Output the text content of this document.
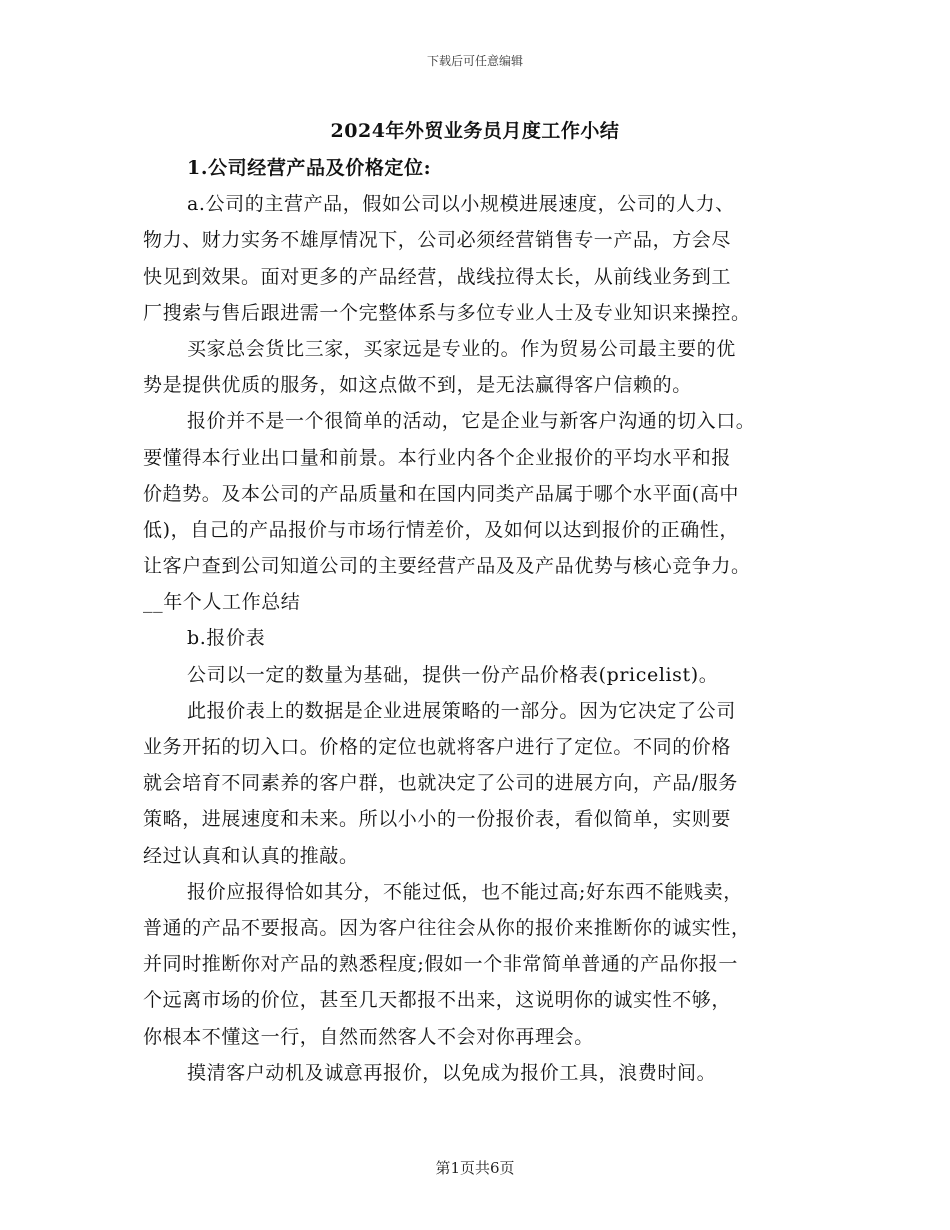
下载后可任意编辑
2024年外贸业务员月度工作小结
1.公司经营产品及价格定位:
a.公司的主营产品，假如公司以小规模进展速度，公司的人力、
物力、财力实务不雄厚情况下，公司必须经营销售专一产品，方会尽
快见到效果。面对更多的产品经营，战线拉得太长，从前线业务到工
厂搜索与售后跟进需一个完整体系与多位专业人士及专业知识来操控。
买家总会货比三家，买家远是专业的。作为贸易公司最主要的优
势是提供优质的服务，如这点做不到，是无法赢得客户信赖的。
报价并不是一个很简单的活动，它是企业与新客户沟通的切入口。
要懂得本行业出口量和前景。本行业内各个企业报价的平均水平和报
价趋势。及本公司的产品质量和在国内同类产品属于哪个水平面(高中
低)，自己的产品报价与市场行情差价，及如何以达到报价的正确性，
让客户查到公司知道公司的主要经营产品及及产品优势与核心竞争力。
__年个人工作总结
b.报价表
公司以一定的数量为基础，提供一份产品价格表(pricelist)。
此报价表上的数据是企业进展策略的一部分。因为它决定了公司
业务开拓的切入口。价格的定位也就将客户进行了定位。不同的价格
就会培育不同素养的客户群，也就决定了公司的进展方向，产品/服务
策略，进展速度和未来。所以小小的一份报价表，看似简单，实则要
经过认真和认真的推敲。
报价应报得恰如其分，不能过低，也不能过高;好东西不能贱卖，
普通的产品不要报高。因为客户往往会从你的报价来推断你的诚实性，
并同时推断你对产品的熟悉程度;假如一个非常简单普通的产品你报一
个远离市场的价位，甚至几天都报不出来，这说明你的诚实性不够，
你根本不懂这一行，自然而然客人不会对你再理会。
摸清客户动机及诚意再报价，以免成为报价工具，浪费时间。
第1页共6页
